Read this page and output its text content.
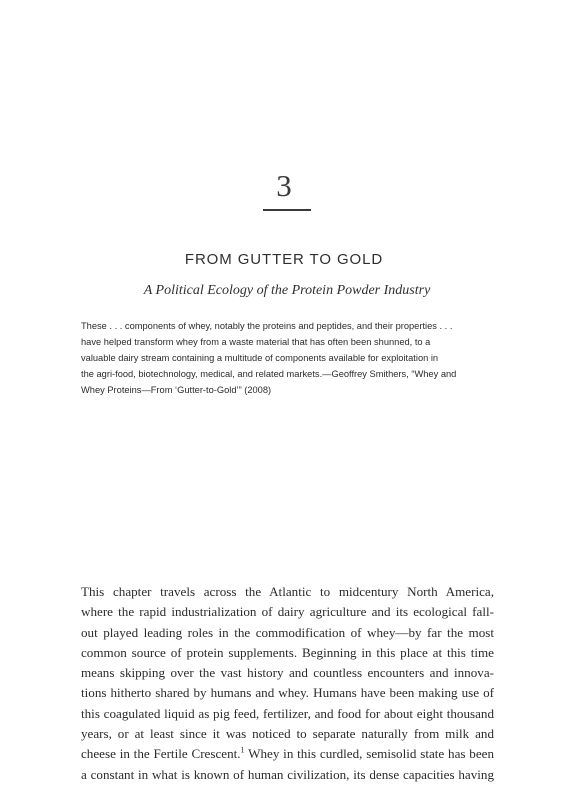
3
FROM GUTTER TO GOLD
A Political Ecology of the Protein Powder Industry
These . . . components of whey, notably the proteins and peptides, and their properties . . .
have helped transform whey from a waste material that has often been shunned, to a
valuable dairy stream containing a multitude of components available for exploitation in
the agri-food, biotechnology, medical, and related markets.—Geoffrey Smithers, “Whey and
Whey Proteins—From ‘Gutter-to-Gold’” (2008)
This chapter travels across the Atlantic to midcentury North America,
where the rapid industrialization of dairy agriculture and its ecological fall-
out played leading roles in the commodification of whey—by far the most
common source of protein supplements. Beginning in this place at this time
means skipping over the vast history and countless encounters and innova-
tions hitherto shared by humans and whey. Humans have been making use of
this coagulated liquid as pig feed, fertilizer, and food for about eight thousand
years, or at least since it was noticed to separate naturally from milk and
cheese in the Fertile Crescent.$^1$ Whey in this curdled, semisolid state has been
a constant in what is known of human civilization, its dense capacities having
